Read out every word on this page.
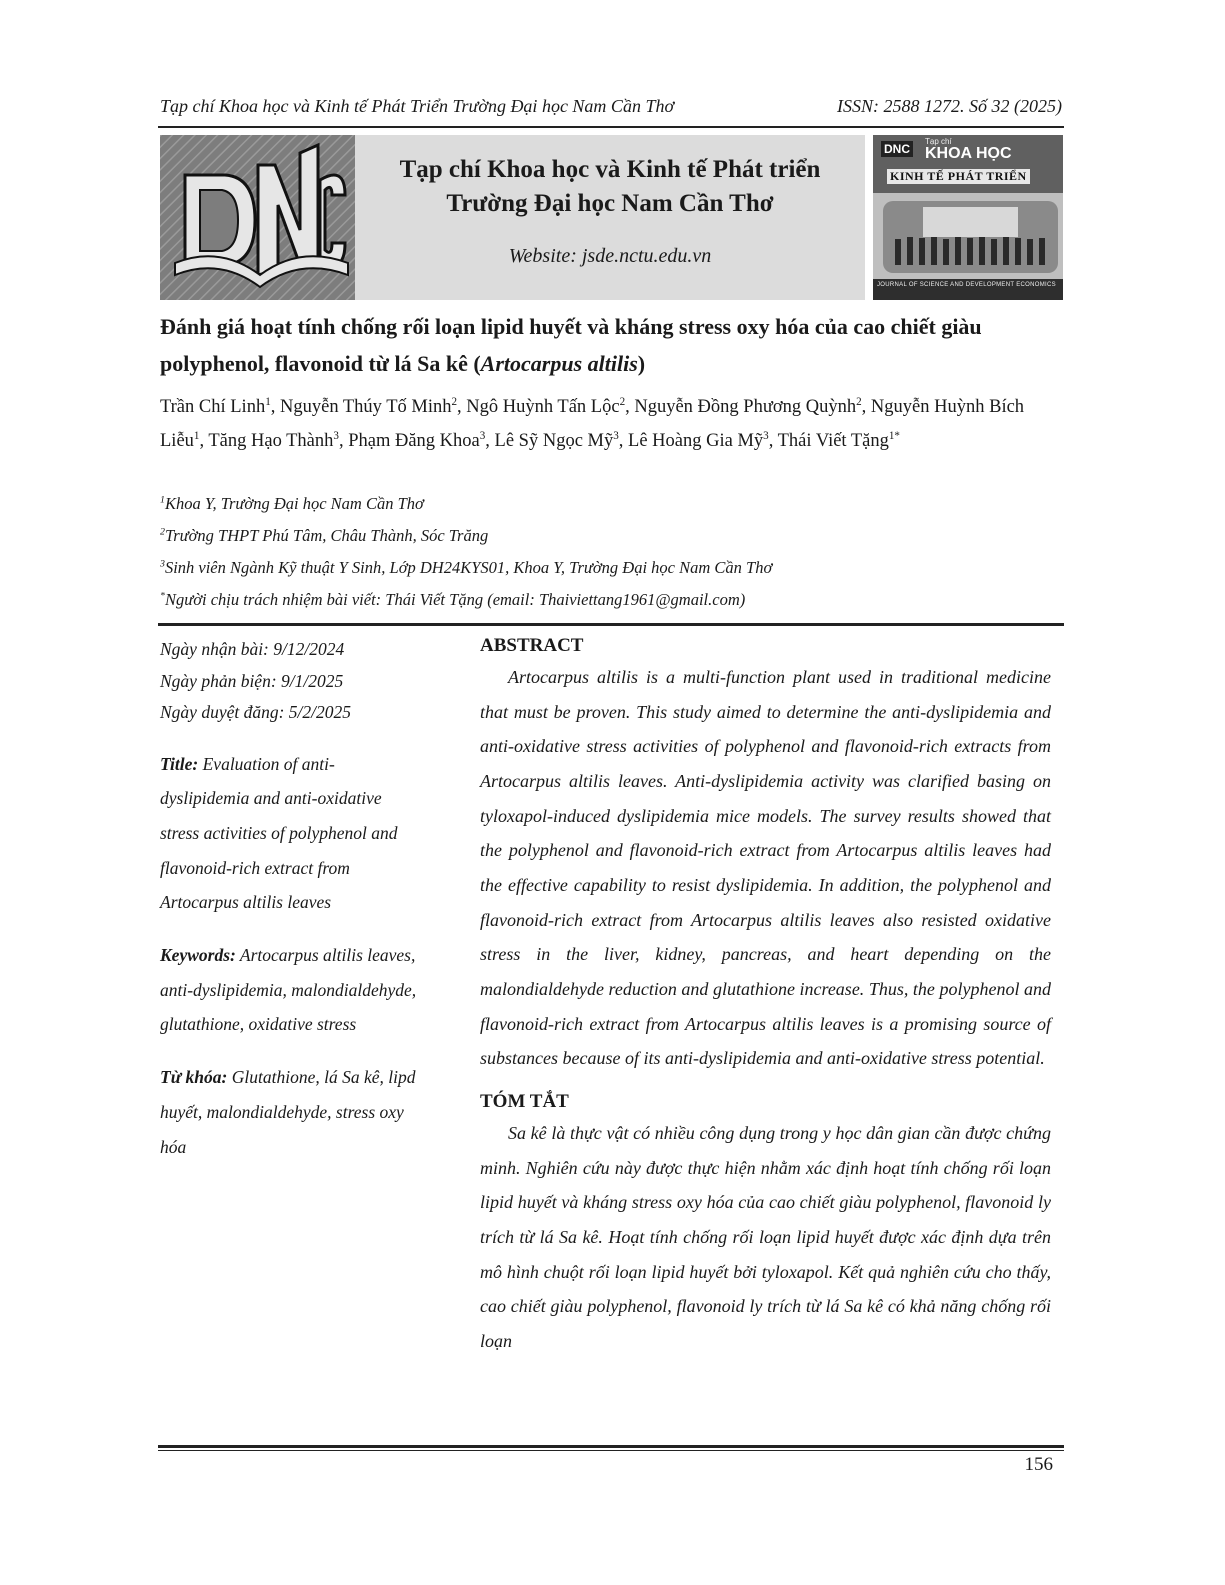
Tạp chí Khoa học và Kinh tế Phát Triển Trường Đại học Nam Cần Thơ	ISSN: 2588 1272. Số 32 (2025)
Tạp chí Khoa học và Kinh tế Phát triển
Trường Đại học Nam Cần Thơ
Website: jsde.nctu.edu.vn
DNC
Tạp chí
KHOA HỌC
KINH TẾ PHÁT TRIỂN
JOURNAL OF SCIENCE AND DEVELOPMENT ECONOMICS
Đánh giá hoạt tính chống rối loạn lipid huyết và kháng stress oxy hóa của cao chiết giàu polyphenol, flavonoid từ lá Sa kê (Artocarpus altilis)
Trần Chí Linh$^1$, Nguyễn Thúy Tố Minh$^2$, Ngô Huỳnh Tấn Lộc$^2$, Nguyễn Đồng Phương Quỳnh$^2$, Nguyễn Huỳnh Bích Liễu$^1$, Tăng Hạo Thành$^3$, Phạm Đăng Khoa$^3$, Lê Sỹ Ngọc Mỹ$^3$, Lê Hoàng Gia Mỹ$^3$, Thái Viết Tặng$^{1*}$
$^1$Khoa Y, Trường Đại học Nam Cần Thơ
$^2$Trường THPT Phú Tâm, Châu Thành, Sóc Trăng
$^3$Sinh viên Ngành Kỹ thuật Y Sinh, Lớp DH24KYS01, Khoa Y, Trường Đại học Nam Cần Thơ
*Người chịu trách nhiệm bài viết: Thái Viết Tặng (email: Thaiviettang1961@gmail.com)
Ngày nhận bài: 9/12/2024
Ngày phản biện: 9/1/2025
Ngày duyệt đăng: 5/2/2025
Title: Evaluation of anti-dyslipidemia and anti-oxidative stress activities of polyphenol and flavonoid-rich extract from Artocarpus altilis leaves
Keywords: Artocarpus altilis leaves, anti-dyslipidemia, malondialdehyde, glutathione, oxidative stress
Từ khóa: Glutathione, lá Sa kê, lipd huyết, malondialdehyde, stress oxy hóa
ABSTRACT

Artocarpus altilis is a multi-function plant used in traditional medicine that must be proven. This study aimed to determine the anti-dyslipidemia and anti-oxidative stress activities of polyphenol and flavonoid-rich extracts from Artocarpus altilis leaves. Anti-dyslipidemia activity was clarified basing on tyloxapol-induced dyslipidemia mice models. The survey results showed that the polyphenol and flavonoid-rich extract from Artocarpus altilis leaves had the effective capability to resist dyslipidemia. In addition, the polyphenol and flavonoid-rich extract from Artocarpus altilis leaves also resisted oxidative stress in the liver, kidney, pancreas, and heart depending on the malondialdehyde reduction and glutathione increase. Thus, the polyphenol and flavonoid-rich extract from Artocarpus altilis leaves is a promising source of substances because of its anti-dyslipidemia and anti-oxidative stress potential.

TÓM TẮT

Sa kê là thực vật có nhiều công dụng trong y học dân gian cần được chứng minh. Nghiên cứu này được thực hiện nhằm xác định hoạt tính chống rối loạn lipid huyết và kháng stress oxy hóa của cao chiết giàu polyphenol, flavonoid ly trích từ lá Sa kê. Hoạt tính chống rối loạn lipid huyết được xác định dựa trên mô hình chuột rối loạn lipid huyết bởi tyloxapol. Kết quả nghiên cứu cho thấy, cao chiết giàu polyphenol, flavonoid ly trích từ lá Sa kê có khả năng chống rối loạn

156
